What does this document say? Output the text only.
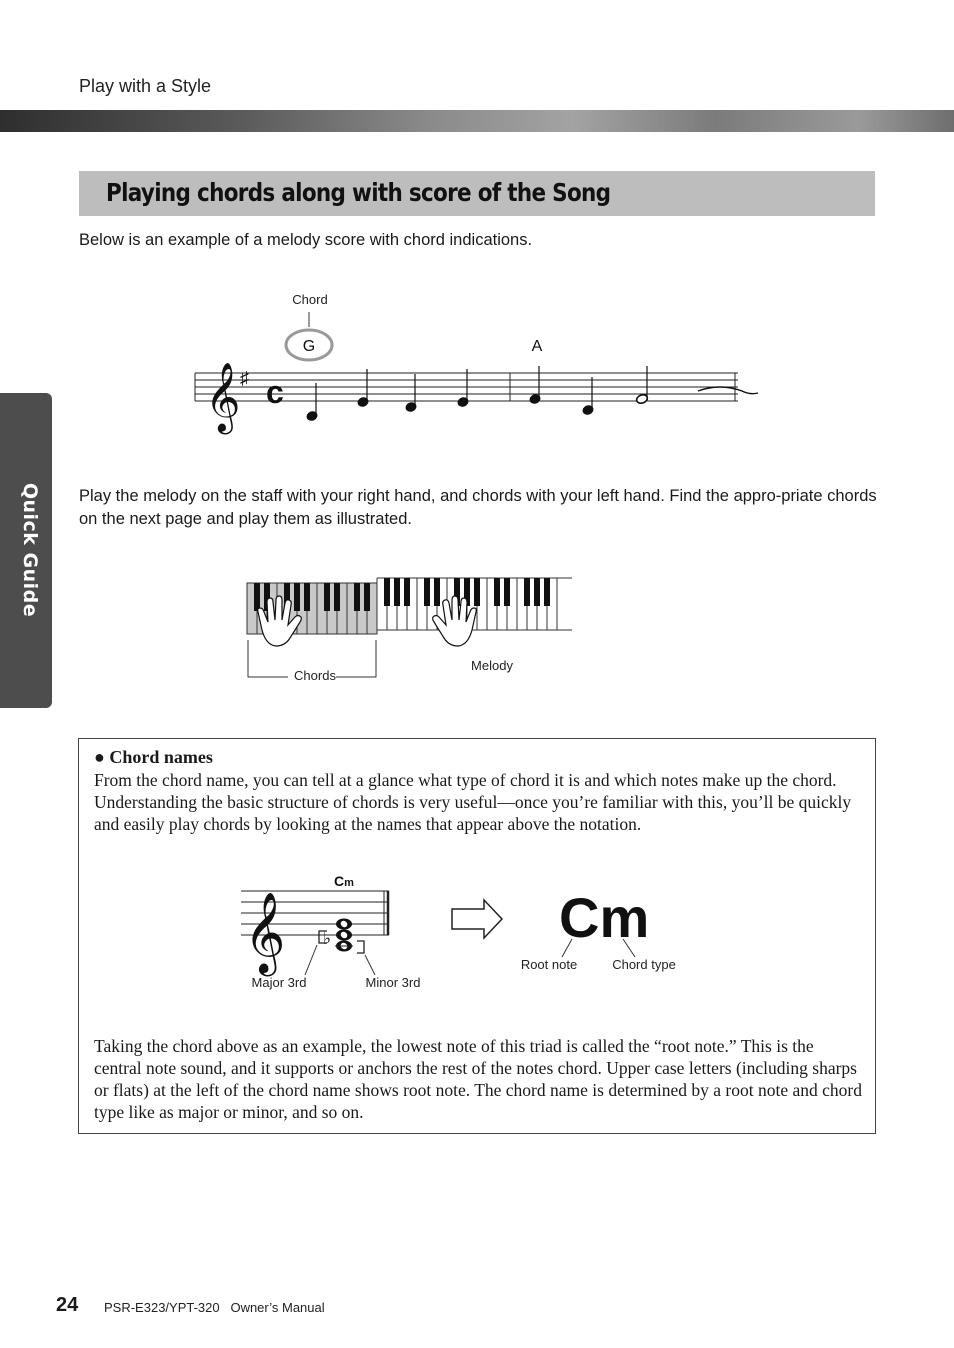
Play with a Style
Playing chords along with score of the Song
Below is an example of a melody score with chord indications.
𝄞 ♯ c
Chord
G	A
Play the melody on the staff with your right hand, and chords with your left hand. Find the appro-priate chords on the next page and play them as illustrated.
Chords
Melody
Quick Guide
● Chord names
From the chord name, you can tell at a glance what type of chord it is and which notes make up the chord. Understanding the basic structure of chords is very useful—once you’re familiar with this, you’ll be quickly and easily play chords by looking at the names that appear above the notation.
𝄞
Cm
♭
Major 3rd	Minor 3rd
Cm
Root note	Chord type
Taking the chord above as an example, the lowest note of this triad is called the “root note.” This is the central note sound, and it supports or anchors the rest of the notes chord. Upper case letters (including sharps or flats) at the left of the chord name shows root note. The chord name is determined by a root note and chord type like as major or minor, and so on.
24 PSR-E323/YPT-320   Owner’s Manual
